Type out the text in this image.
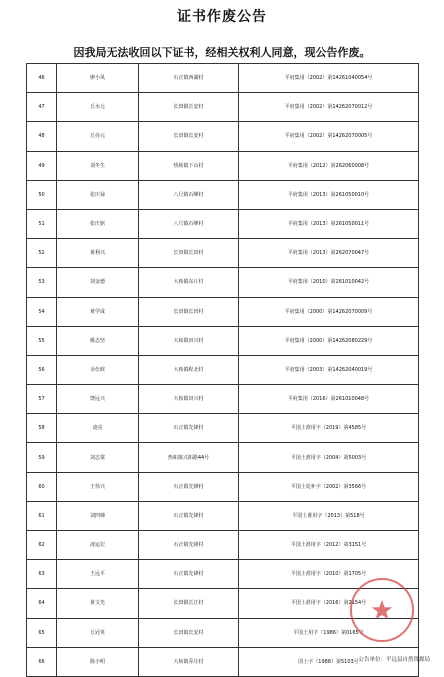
证书作废公告
因我局无法收回以下证书，经相关权利人同意，现公告作废。
46	廖小凤	石正镇西湖村	平府集用（2002）第14261040054号
47	丘水元	长田镇长安村	平府集用（2002）第14262070012号
48	丘亮元	长田镇长安村	平府集用（2002）第14262070005号
49	刘冬生	热柘镇下山村	平府集用（2012）第262060008号
50	张庆禄	八尺镇石峰村	平府集用（2013）第261050010号
51	张庆铭	八尺镇石峰村	平府集用（2013）第261050011号
52	黄利兴	长田镇长田村	平府集用（2013）第262070047号
53	刘金德	大柘镇东片村	平府集用（2010）第261010042号
54	黄学成	长田镇长田村	平府集用（2000）第14262070009号
55	姚志坚	大柘镇田兴村	平府集用（2000）第14262080229号
56	余仕欧	大柘镇程北村	平府集用（2003）第14262040019号
57	饶远兴	大柘镇田兴村	平府集用（2016）第261010048号
58	凌亮	石正镇先锋村	平国土准用字（2019）第4585号
59	刘志棠	热柘镇兴拓路44号	平国土准用字（2004）第5003号
60	王伟兴	石正镇先锋村	平国土处补字（2002）第3566号
61	刘四娣	石正镇先锋村	平国土准用字（2013）第518号
62	凌运宏	石正镇先锋村	平国土准用字（2012）第3151号
63	王远平	石正镇先锋村	平国土准用字（2010）第1705号
64	黄文光	长田镇长江村	平国土准用字（2016）第2154号
65	丘冠英	长田镇长安村	平国土用字（1986）第0165号
66	陈小明	大柘镇乔庄村	国土字（1988）第5103号 公告单位：平远县自然资源局
